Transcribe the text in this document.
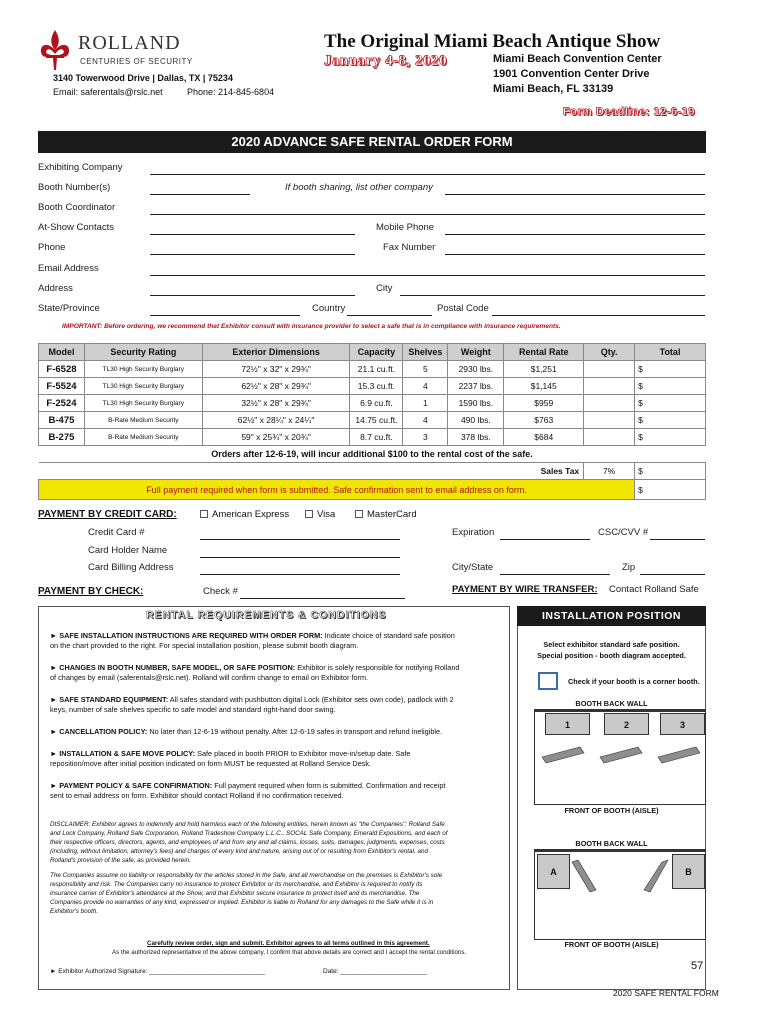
ROLLAND
CENTURIES OF SECURITY
3140 Towerwood Drive | Dallas, TX | 75234
Email: saferentals@rslc.net	Phone: 214-845-6804
The Original Miami Beach Antique Show
January 4-8, 2020	Miami Beach Convention Center
1901 Convention Center Drive
Miami Beach, FL 33139
Form Deadline: 12-6-19
2020 ADVANCE SAFE RENTAL ORDER FORM
Exhibiting Company
Booth Number(s)	If booth sharing, list other company
Booth Coordinator
At-Show Contacts	Mobile Phone
Phone	Fax Number
Email Address
Address	City
State/Province	Country	Postal Code
IMPORTANT: Before ordering, we recommend that Exhibitor consult with insurance provider to select a safe that is in compliance with insurance requirements.
Model	Security Rating	Exterior Dimensions	Capacity	Shelves	Weight	Rental Rate	Qty.	Total
F-6528	TL30 High Security Burglary	72½" x 32" x 29¾"	21.1 cu.ft.	5	2930 lbs.	$1,251		$
F-5524	TL30 High Security Burglary	62½" x 28" x 29¾"	15.3 cu.ft.	4	2237 lbs.	$1,145		$
F-2524	TL30 High Security Burglary	32½" x 28" x 29¾"	6.9 cu.ft.	1	1590 lbs.	$959		$
B-475	B-Rate Medium Security	62½" x 28¼" x 24¼"	14.75 cu.ft.	4	490 lbs.	$763		$
B-275	B-Rate Medium Security	59" x 25¾" x 20¾"	8.7 cu.ft.	3	378 lbs.	$684		$
Orders after 12-6-19, will incur additional $100 to the rental cost of the safe.								
Sales Tax							7%	$
Full payment required when form is submitted. Safe confirmation sent to email address on form.								$
PAYMENT BY CREDIT CARD:	American Express	Visa	MasterCard
Credit Card #	Expiration	CSC/CVV #
Card Holder Name
Card Billing Address	City/State	Zip
PAYMENT BY CHECK:	Check #	PAYMENT BY WIRE TRANSFER: Contact Rolland Safe
RENTAL REQUIREMENTS & CONDITIONS

► SAFE INSTALLATION INSTRUCTIONS ARE REQUIRED WITH ORDER FORM: Indicate choice of standard safe position on the chart provided to the right. For special installation position, please submit booth diagram.

► CHANGES IN BOOTH NUMBER, SAFE MODEL, OR SAFE POSITION: Exhibitor is solely responsible for notifying Rolland of changes by email (saferentals@rslc.net). Rolland will confirm change to email on Exhibitor form.

► SAFE STANDARD EQUIPMENT: All safes standard with pushbutton digital Lock (Exhibitor sets own code), padlock with 2 keys, number of safe shelves specific to safe model and standard right-hand door swing.

► CANCELLATION POLICY: No later than 12-6-19 without penalty. After 12-6-19 safes in transport and refund ineligible.

► INSTALLATION & SAFE MOVE POLICY: Safe placed in booth PRIOR to Exhibitor move-in/setup date. Safe reposition/move after initial position indicated on form MUST be requested at Rolland Service Desk.

► PAYMENT POLICY & SAFE CONFIRMATION: Full payment required when form is submitted. Confirmation and receipt sent to email address on form. Exhibitor should contact Rolland if no confirmation received.

DISCLAIMER: Exhibitor agrees to indemnify and hold harmless each of the following entities, herein known as "the Companies": Rolland Safe and Lock Company, Rolland Safe Corporation, Rolland Tradeshow Company L.L.C., SOCAL Safe Company, Emerald Expositions, and each of their respective officers, directors, agents, and employees of and from any and all claims, losses, suits, damages, judgments, expenses, costs (including, without limitation, attorney's fees) and charges of every kind and nature, arising out of or resulting from Exhibitor's rental, and Rolland's provision of the safe, as provided herein.

The Companies assume no liability or responsibility for the articles stored in the Safe, and all merchandise on the premises is Exhibitor's sole responsibility and risk. The Companies carry no insurance to protect Exhibitor or its merchandise, and Exhibitor is required to notify its insurance carrier of Exhibitor's attendance at the Show, and that Exhibitor secure insurance to protect itself and its merchandise. The Companies provide no warranties of any kind, expressed or implied. Exhibitor is liable to Rolland for any damages to the Safe while it is in Exhibitor's booth.

Carefully review order, sign and submit. Exhibitor agrees to all terms outlined in this agreement.
As the authorized representative of the above company, I confirm that above details are correct and I accept the rental conditions.
► Exhibitor Authorized Signature: ________________________________	Date: ________________________
INSTALLATION POSITION
Select exhibitor standard safe position.
Special position - booth diagram accepted.
Check if your booth is a corner booth.
BOOTH BACK WALL
1	2	3
FRONT OF BOOTH (AISLE)
BOOTH BACK WALL
A	B
FRONT OF BOOTH (AISLE)
57
2020 SAFE RENTAL FORM
